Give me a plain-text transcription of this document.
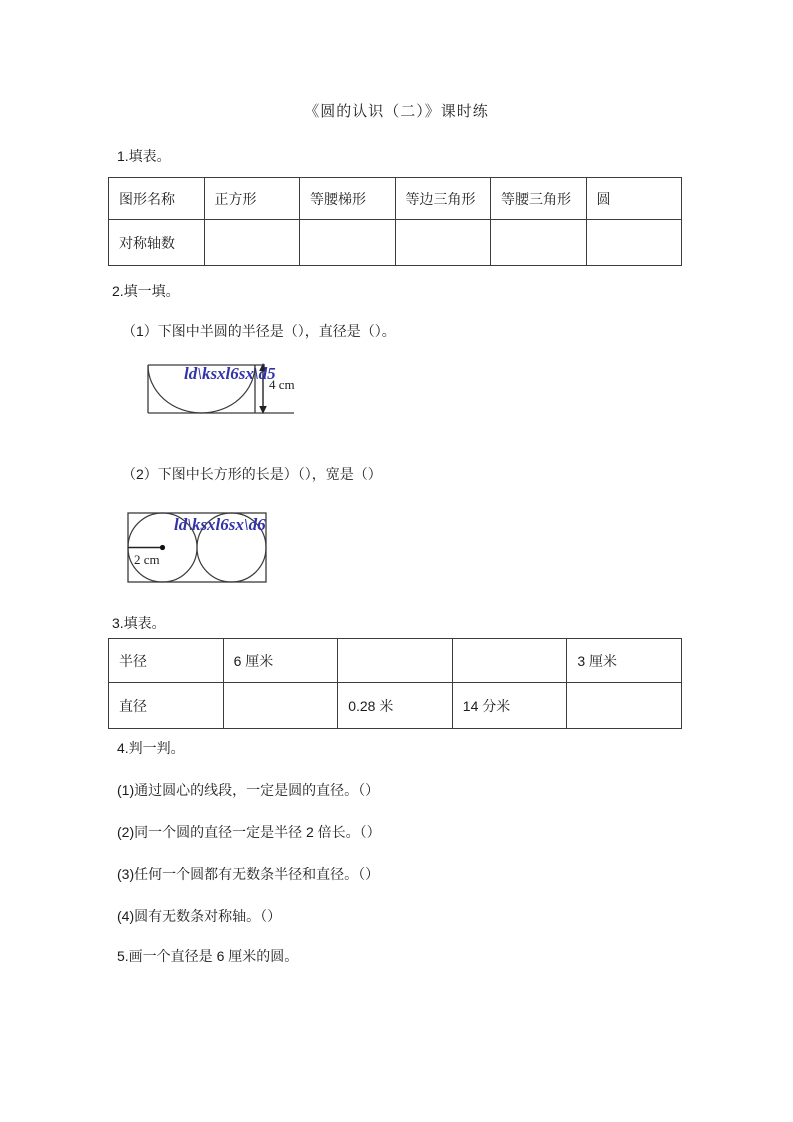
《圆的认识（二）》课时练
1.填表。
图形名称	正方形	等腰梯形	等边三角形	等腰三角形	圆
对称轴数					
2.填一填。
（1）下图中半圆的半径是（），直径是（）。
4 cm
ld\ksxl6sx\d5
（2）下图中长方形的长是）（），宽是（）
2 cm
ld\ksxl6sx\d6
3.填表。
半径	6 厘米			3 厘米
直径		0.28 米	14 分米	
4.判一判。
(1)通过圆心的线段，一定是圆的直径。（）
(2)同一个圆的直径一定是半径 2 倍长。（）
(3)任何一个圆都有无数条半径和直径。（）
(4)圆有无数条对称轴。（）
5.画一个直径是 6 厘米的圆。
